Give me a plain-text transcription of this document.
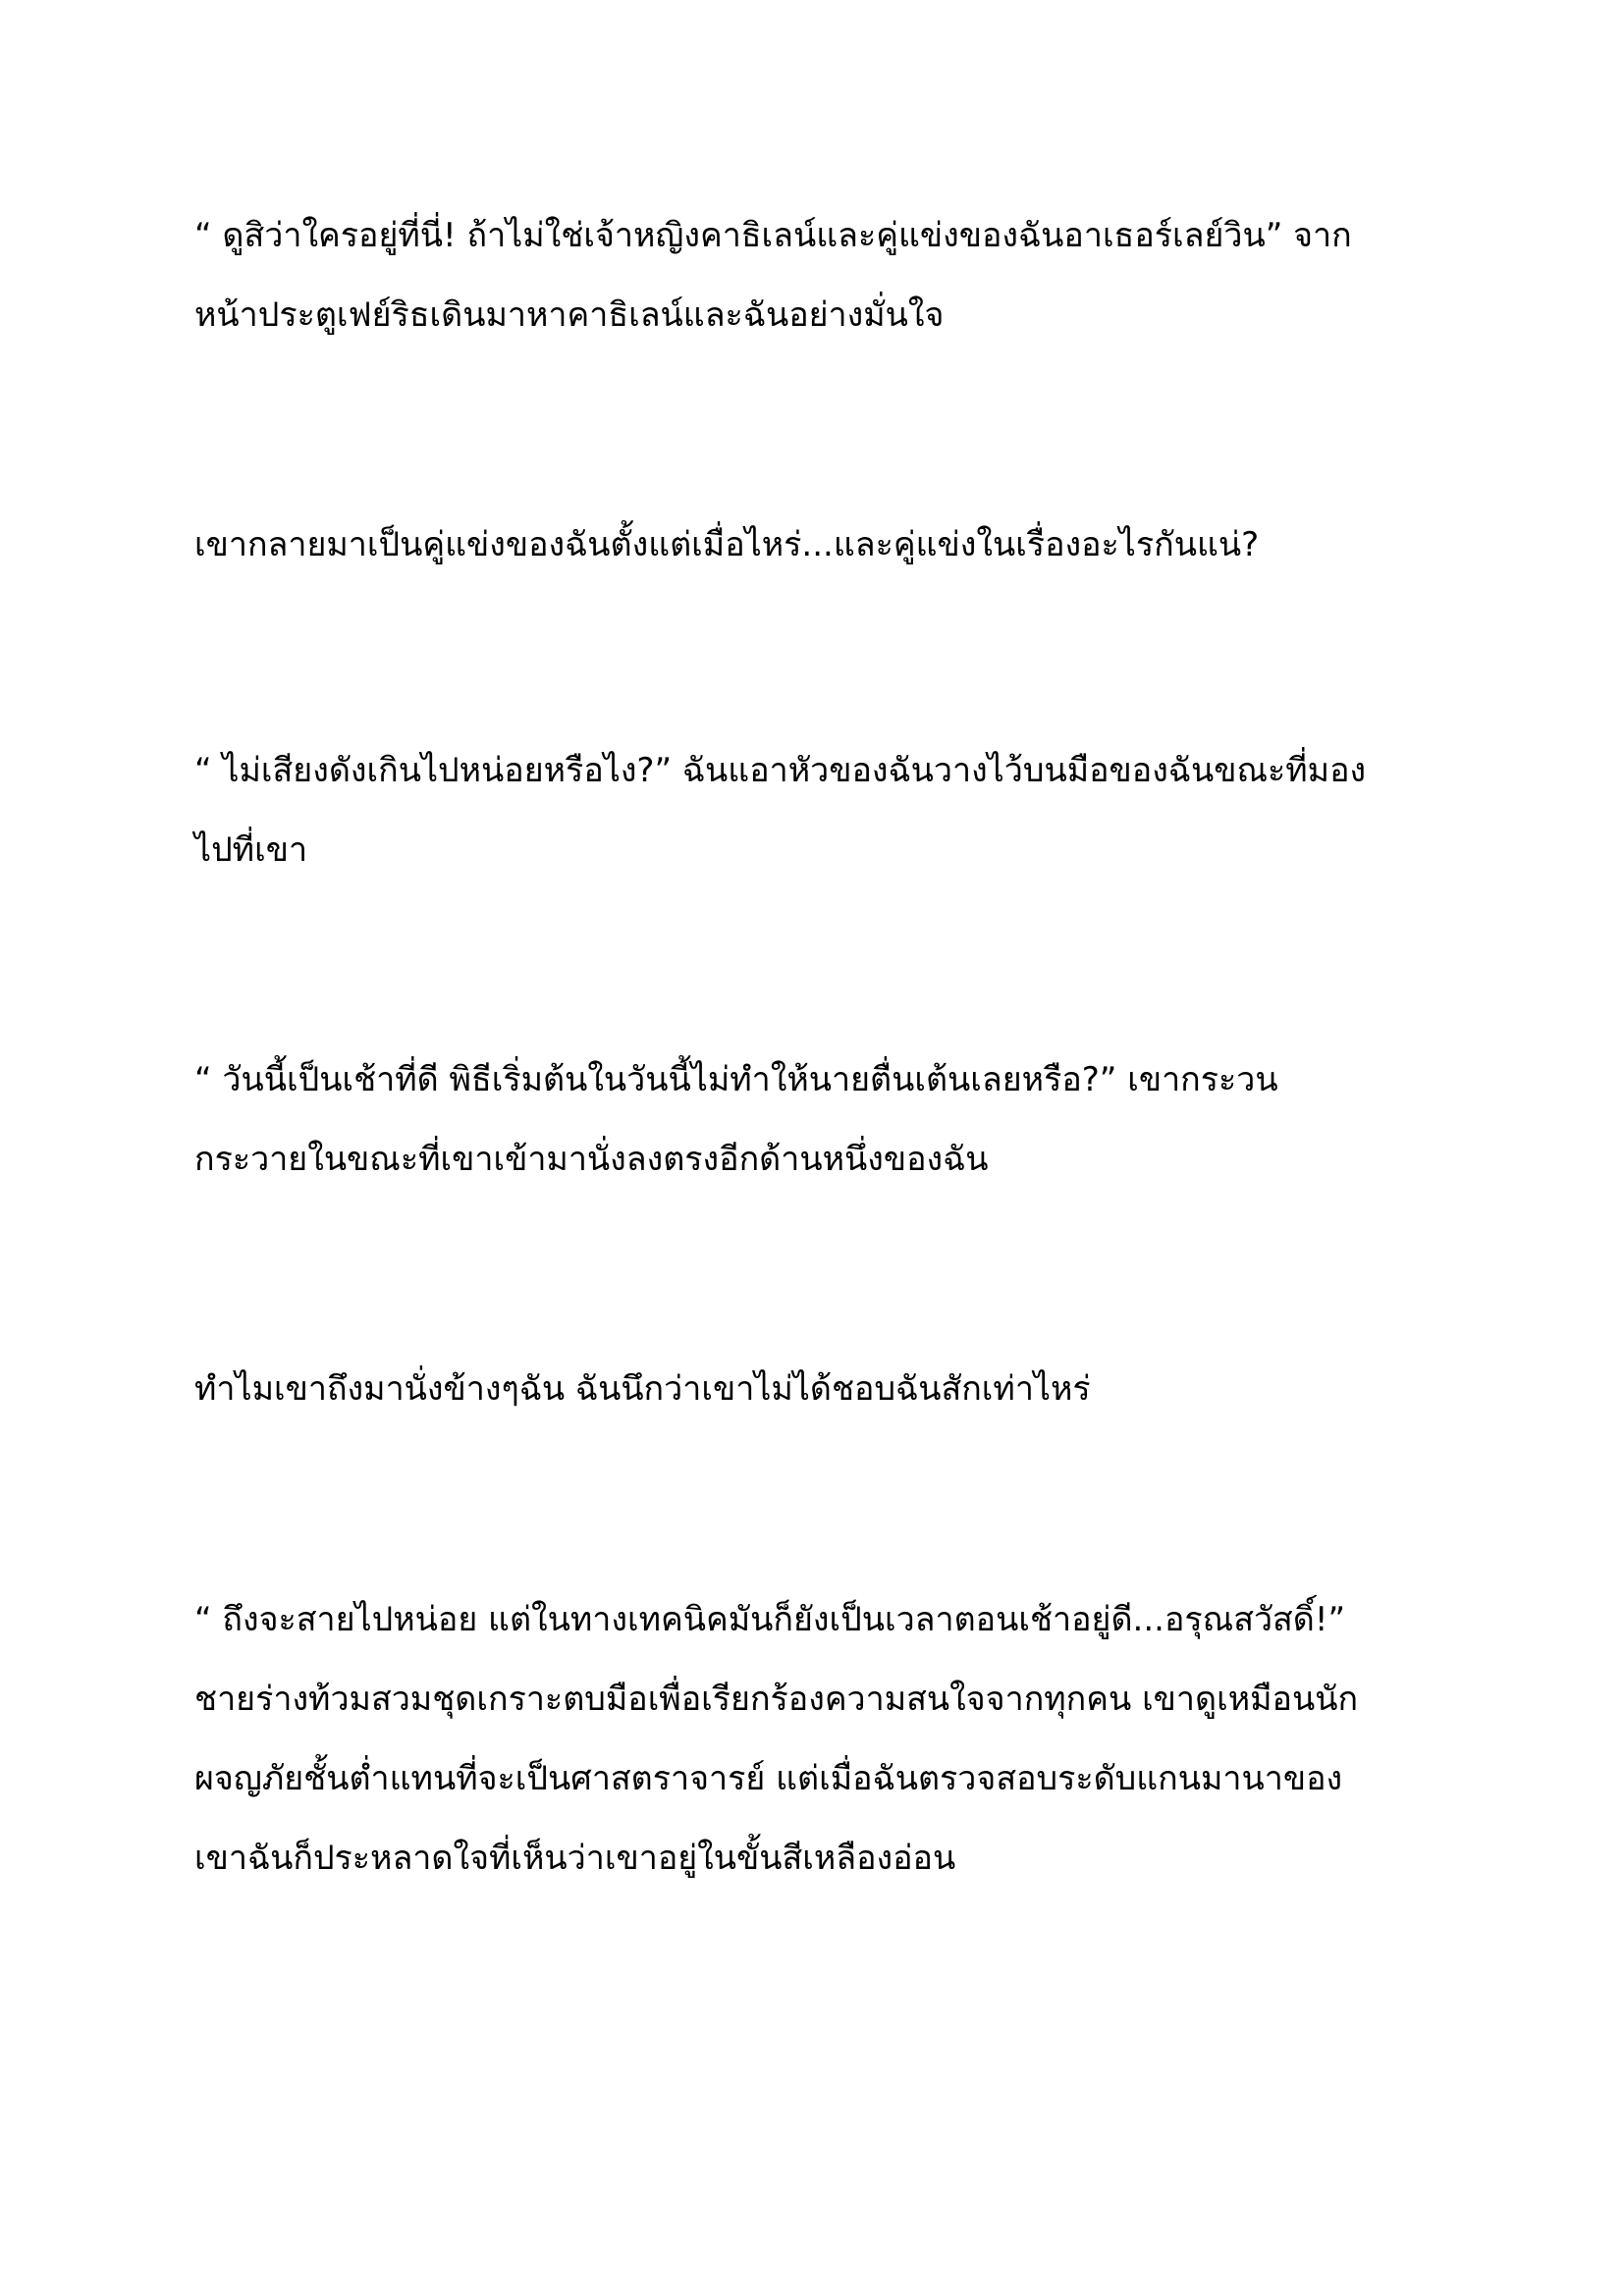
“ ดูสิว่าใครอยู่ที่นี่! ถ้าไม่ใช่เจ้าหญิงคาธิเลน์และคู่แข่งของฉันอาเธอร์เลย์วิน” จาก
หน้าประตูเฟย์ริธเดินมาหาคาธิเลน์และฉันอย่างมั่นใจ

เขากลายมาเป็นคู่แข่งของฉันตั้งแต่เมื่อไหร่...และคู่แข่งในเรื่องอะไรกันแน่?

“ ไม่เสียงดังเกินไปหน่อยหรือไง?” ฉันแอาหัวของฉันวางไว้บนมือของฉันขณะที่มอง
ไปที่เขา

“ วันนี้เป็นเช้าที่ดี พิธีเริ่มต้นในวันนี้ไม่ทำให้นายตื่นเต้นเลยหรือ?” เขากระวน
กระวายในขณะที่เขาเข้ามานั่งลงตรงอีกด้านหนึ่งของฉัน

ทำไมเขาถึงมานั่งข้างๆฉัน ฉันนึกว่าเขาไม่ได้ชอบฉันสักเท่าไหร่

“ ถึงจะสายไปหน่อย แต่ในทางเทคนิคมันก็ยังเป็นเวลาตอนเช้าอยู่ดี...อรุณสวัสดิ์!”
ชายร่างท้วมสวมชุดเกราะตบมือเพื่อเรียกร้องความสนใจจากทุกคน เขาดูเหมือนนัก
ผจญภัยชั้นต่ำแทนที่จะเป็นศาสตราจารย์ แต่เมื่อฉันตรวจสอบระดับแกนมานาของ
เขาฉันก็ประหลาดใจที่เห็นว่าเขาอยู่ในขั้นสีเหลืองอ่อน
